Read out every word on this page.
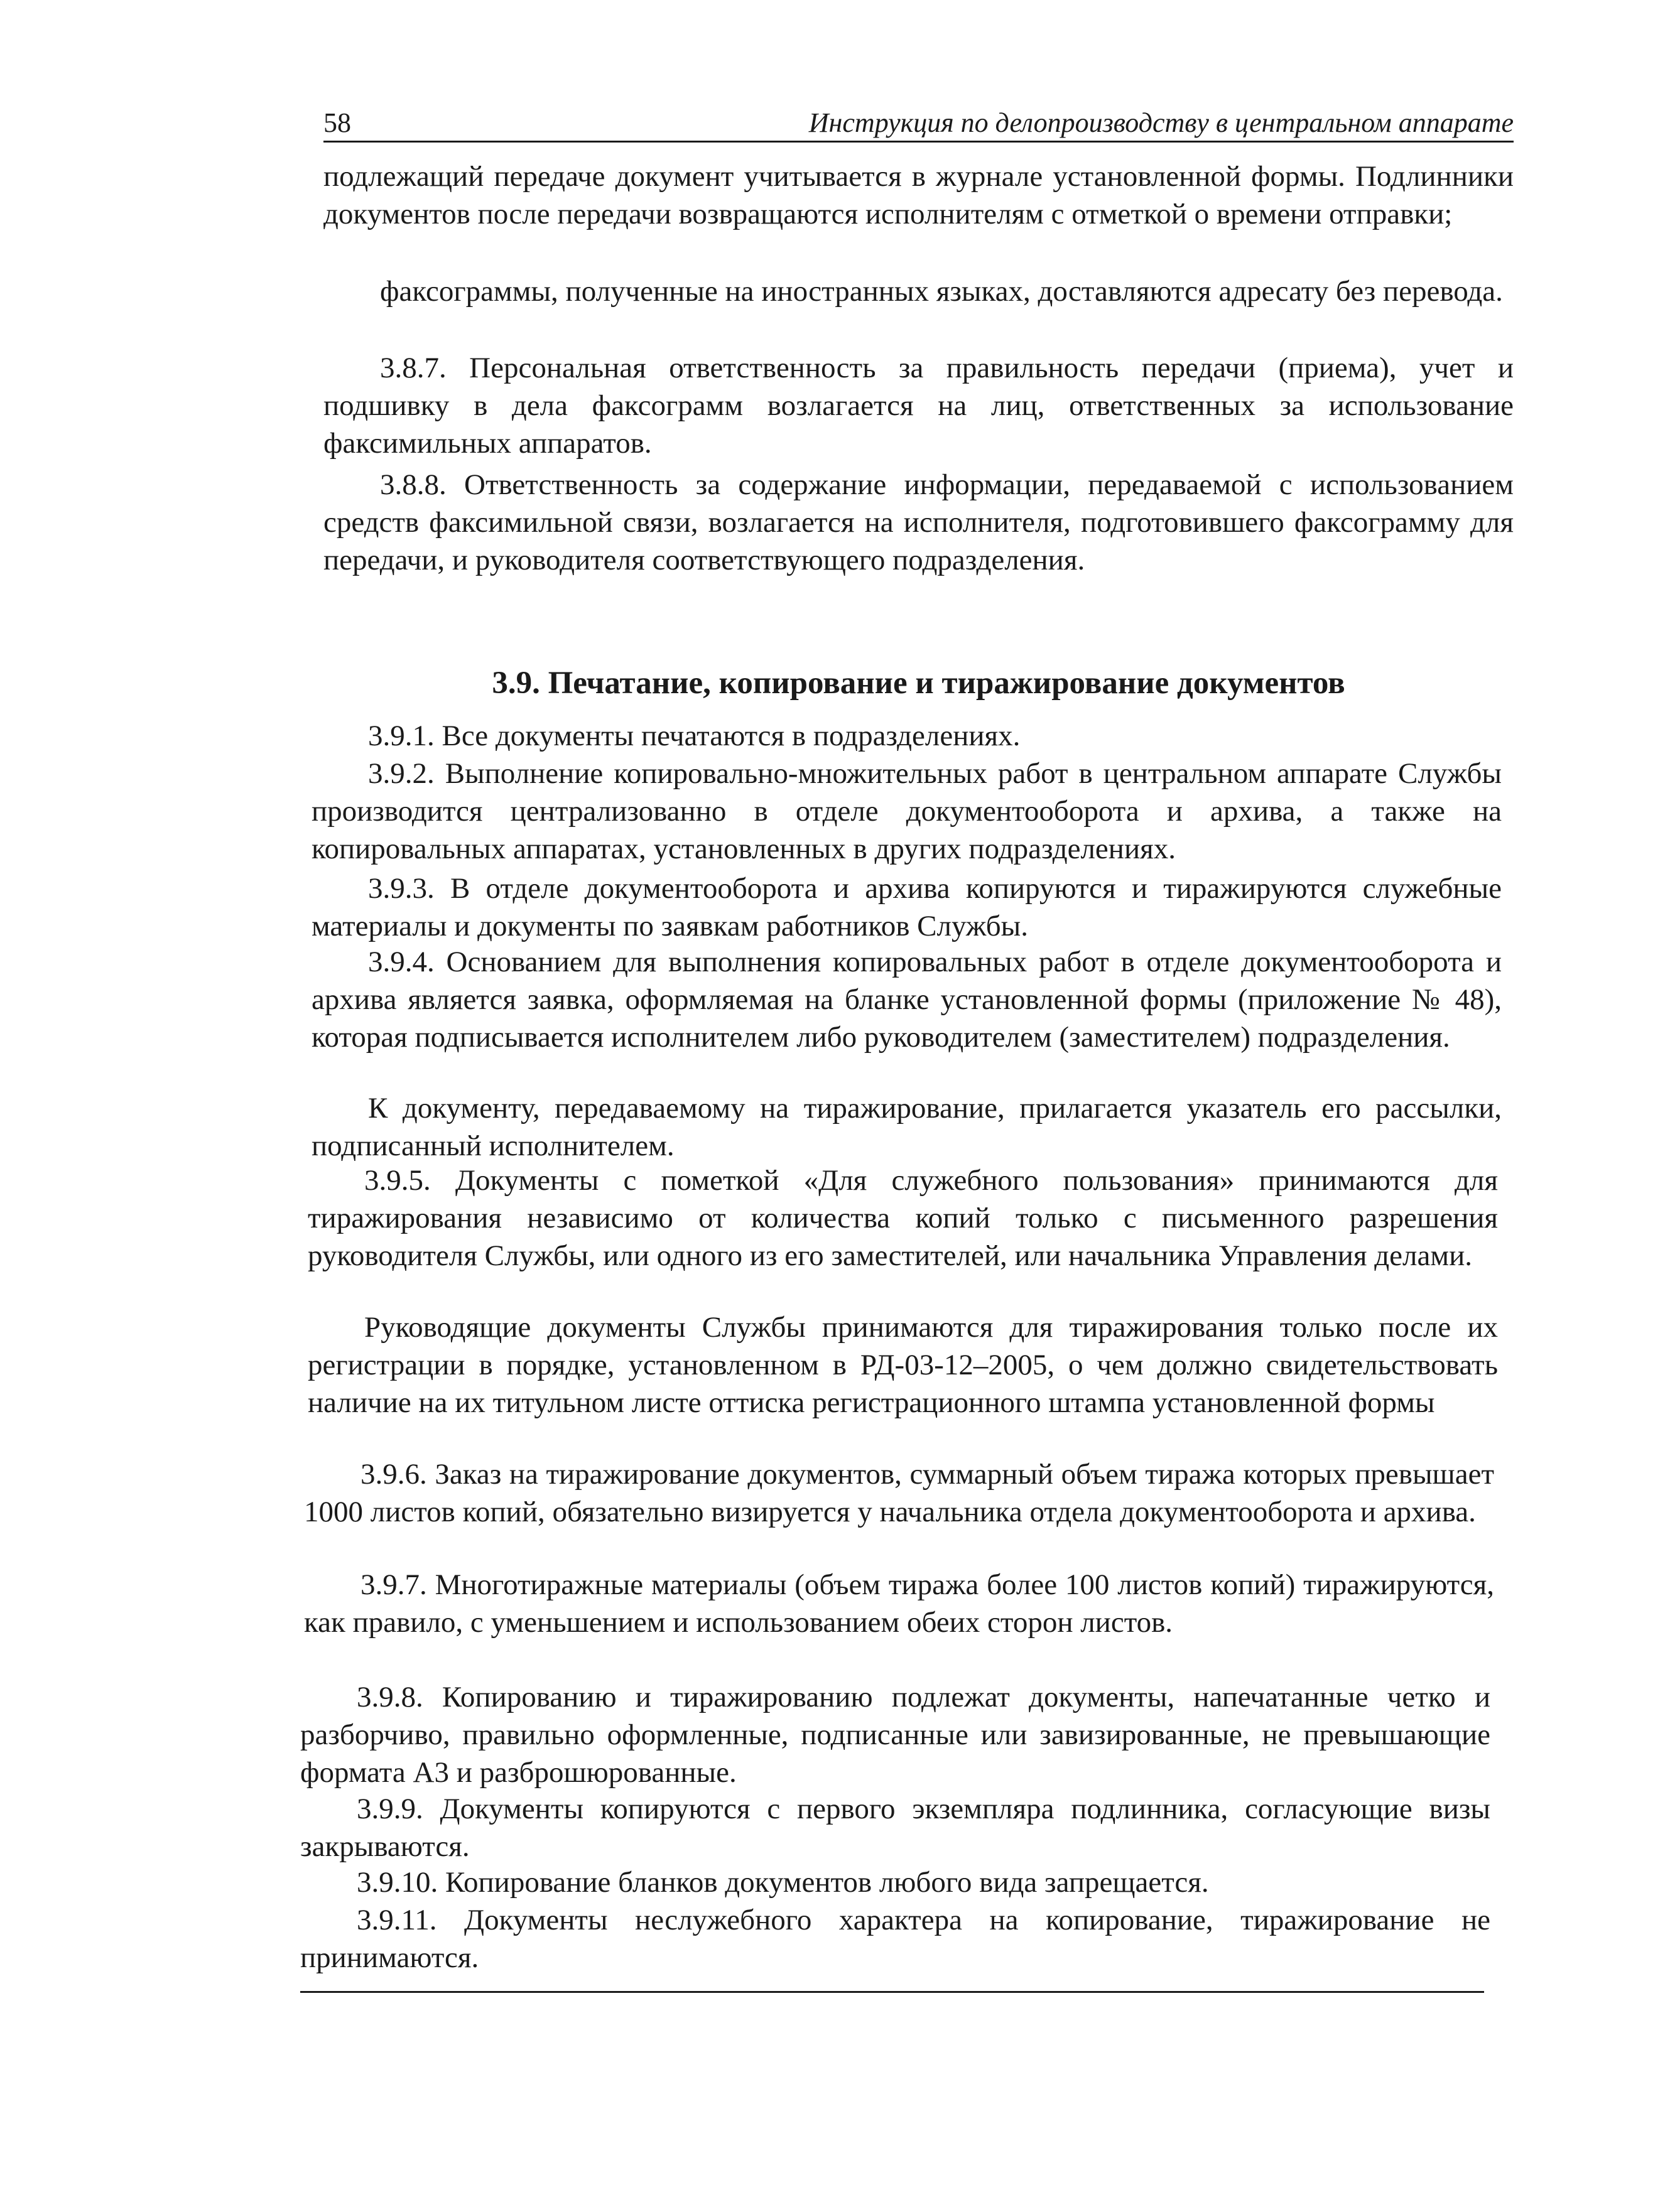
58	Инструкция по делопроизводству в центральном аппарате
подлежащий передаче документ учитывается в журнале установленной формы. Подлинники документов после передачи возвращаются исполнителям с отметкой о времени отправки;
факсограммы, полученные на иностранных языках, доставляются адресату без перевода.
3.8.7. Персональная ответственность за правильность передачи (приема), учет и подшивку в дела факсограмм возлагается на лиц, ответственных за использование факсимильных аппаратов.
3.8.8. Ответственность за содержание информации, передаваемой с использованием средств факсимильной связи, возлагается на исполнителя, подготовившего факсограмму для передачи, и руководителя соответствующего подразделения.
3.9. Печатание, копирование и тиражирование документов
3.9.1. Все документы печатаются в подразделениях.
3.9.2. Выполнение копировально-множительных работ в центральном аппарате Службы производится централизованно в отделе документооборота и архива, а также на копировальных аппаратах, установленных в других подразделениях.
3.9.3. В отделе документооборота и архива копируются и тиражируются служебные материалы и документы по заявкам работников Службы.
3.9.4. Основанием для выполнения копировальных работ в отделе документооборота и архива является заявка, оформляемая на бланке установленной формы (приложение № 48), которая подписывается исполнителем либо руководителем (заместителем) подразделения.
К документу, передаваемому на тиражирование, прилагается указатель его рассылки, подписанный исполнителем.
3.9.5. Документы с пометкой «Для служебного пользования» принимаются для тиражирования независимо от количества копий только с письменного разрешения руководителя Службы, или одного из его заместителей, или начальника Управления делами.
Руководящие документы Службы принимаются для тиражирования только после их регистрации в порядке, установленном в РД-03-12–2005, о чем должно свидетельствовать наличие на их титульном листе оттиска регистрационного штампа установленной формы
3.9.6. Заказ на тиражирование документов, суммарный объем тиража которых превышает 1000 листов копий, обязательно визируется у начальника отдела документооборота и архива.
3.9.7. Многотиражные материалы (объем тиража более 100 листов копий) тиражируются, как правило, с уменьшением и использованием обеих сторон листов.
3.9.8. Копированию и тиражированию подлежат документы, напечатанные четко и разборчиво, правильно оформленные, подписанные или завизированные, не превышающие формата А3 и разброшюрованные.
3.9.9. Документы копируются с первого экземпляра подлинника, согласующие визы закрываются.
3.9.10. Копирование бланков документов любого вида запрещается.
3.9.11. Документы неслужебного характера на копирование, тиражирование не принимаются.
